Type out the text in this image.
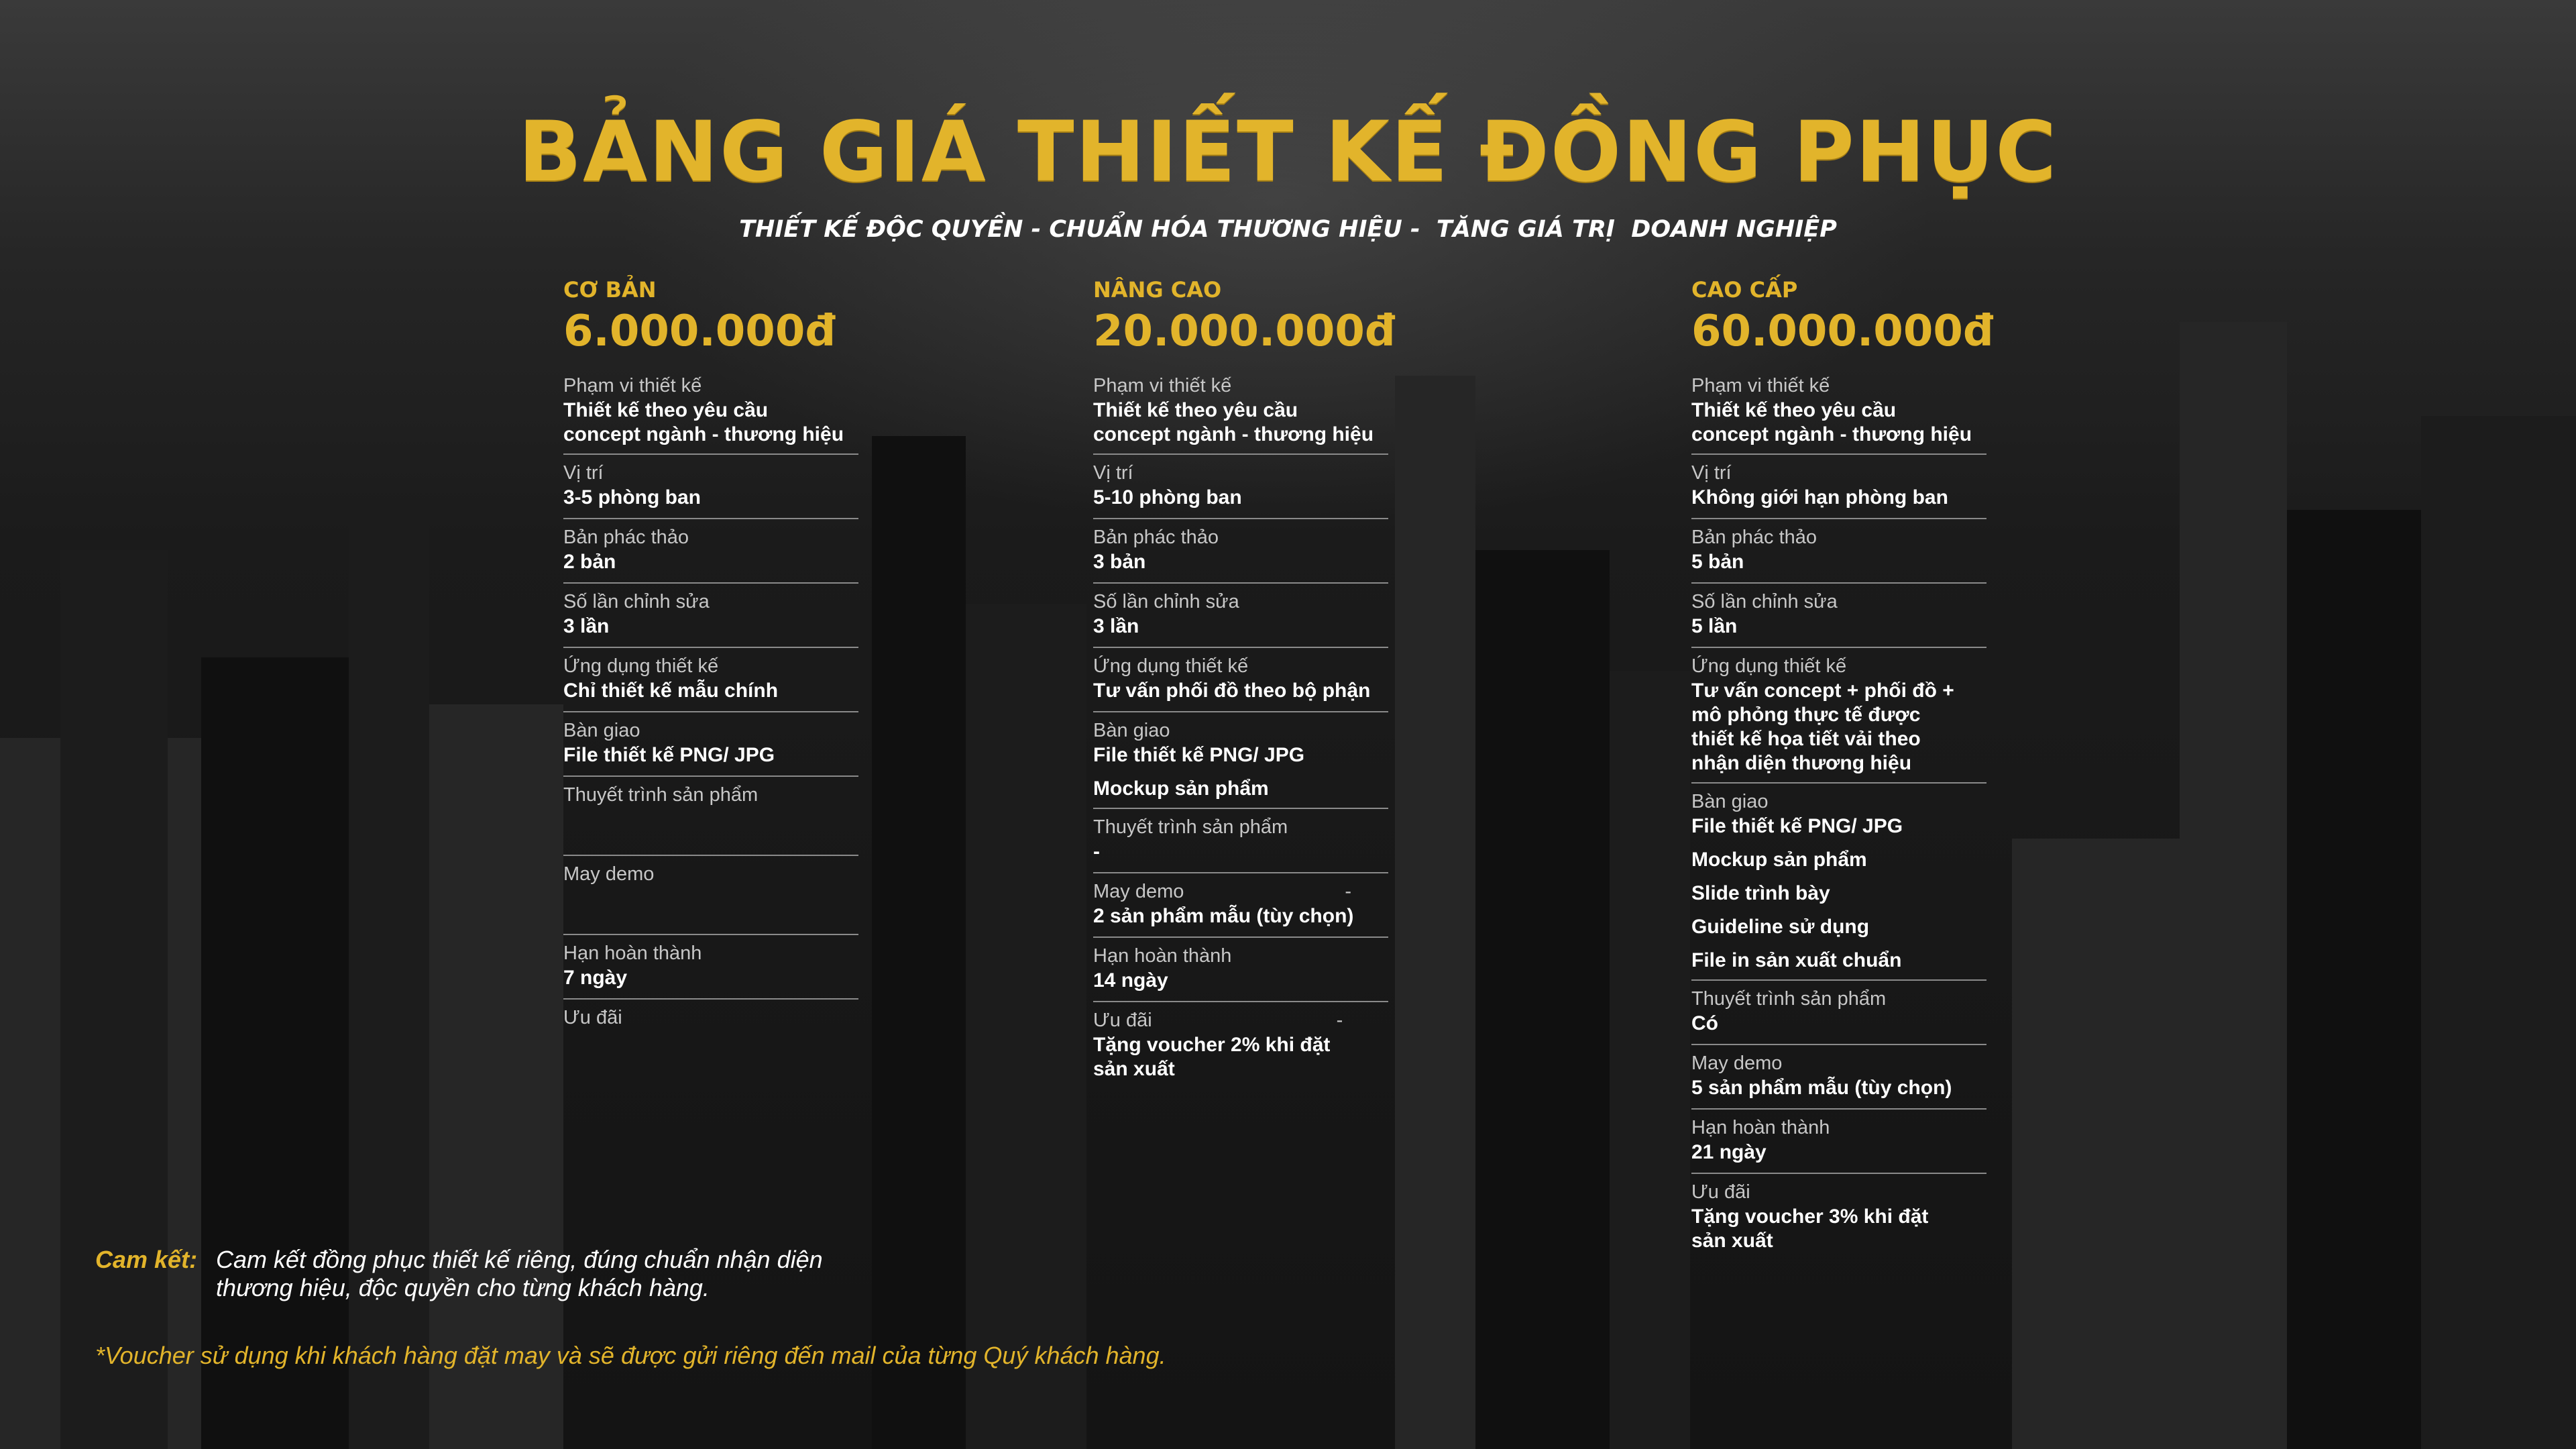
BẢNG GIÁ THIẾT KẾ ĐỒNG PHỤC
THIẾT KẾ ĐỘC QUYỀN - CHUẨN HÓA THƯƠNG HIỆU -  TĂNG GIÁ TRỊ  DOANH NGHIỆP
CƠ BẢN
6.000.000đ
Phạm vi thiết kế
Thiết kế theo yêu cầu
concept ngành - thương hiệu
Vị trí
3-5 phòng ban
Bản phác thảo
2 bản
Số lần chỉnh sửa
3 lần
Ứng dụng thiết kế
Chỉ thiết kế mẫu chính
Bàn giao
File thiết kế PNG/ JPG
Thuyết trình sản phẩm
May demo
Hạn hoàn thành
7 ngày
Ưu đãi
NÂNG CAO
20.000.000đ
Phạm vi thiết kế
Thiết kế theo yêu cầu
concept ngành - thương hiệu
Vị trí
5-10 phòng ban
Bản phác thảo
3 bản
Số lần chỉnh sửa
3 lần
Ứng dụng thiết kế
Tư vấn phối đồ theo bộ phận
Bàn giao
File thiết kế PNG/ JPG
Mockup sản phẩm
Thuyết trình sản phẩm
-
May demo	-
2 sản phẩm mẫu (tùy chọn)
Hạn hoàn thành
14 ngày
Ưu đãi	-
Tặng voucher 2% khi đặt
sản xuất
CAO CẤP
60.000.000đ
Phạm vi thiết kế
Thiết kế theo yêu cầu
concept ngành - thương hiệu
Vị trí
Không giới hạn phòng ban
Bản phác thảo
5 bản
Số lần chỉnh sửa
5 lần
Ứng dụng thiết kế
Tư vấn concept + phối đồ +
mô phỏng thực tế được
thiết kế họa tiết vải theo
nhận diện thương hiệu
Bàn giao
File thiết kế PNG/ JPG
Mockup sản phẩm
Slide trình bày
Guideline sử dụng
File in sản xuất chuẩn
Thuyết trình sản phẩm
Có
May demo
5 sản phẩm mẫu (tùy chọn)
Hạn hoàn thành
21 ngày
Ưu đãi
Tặng voucher 3% khi đặt
sản xuất
Cam kết: Cam kết đồng phục thiết kế riêng, đúng chuẩn nhận diện
thương hiệu, độc quyền cho từng khách hàng.
*Voucher sử dụng khi khách hàng đặt may và sẽ được gửi riêng đến mail của từng Quý khách hàng.
